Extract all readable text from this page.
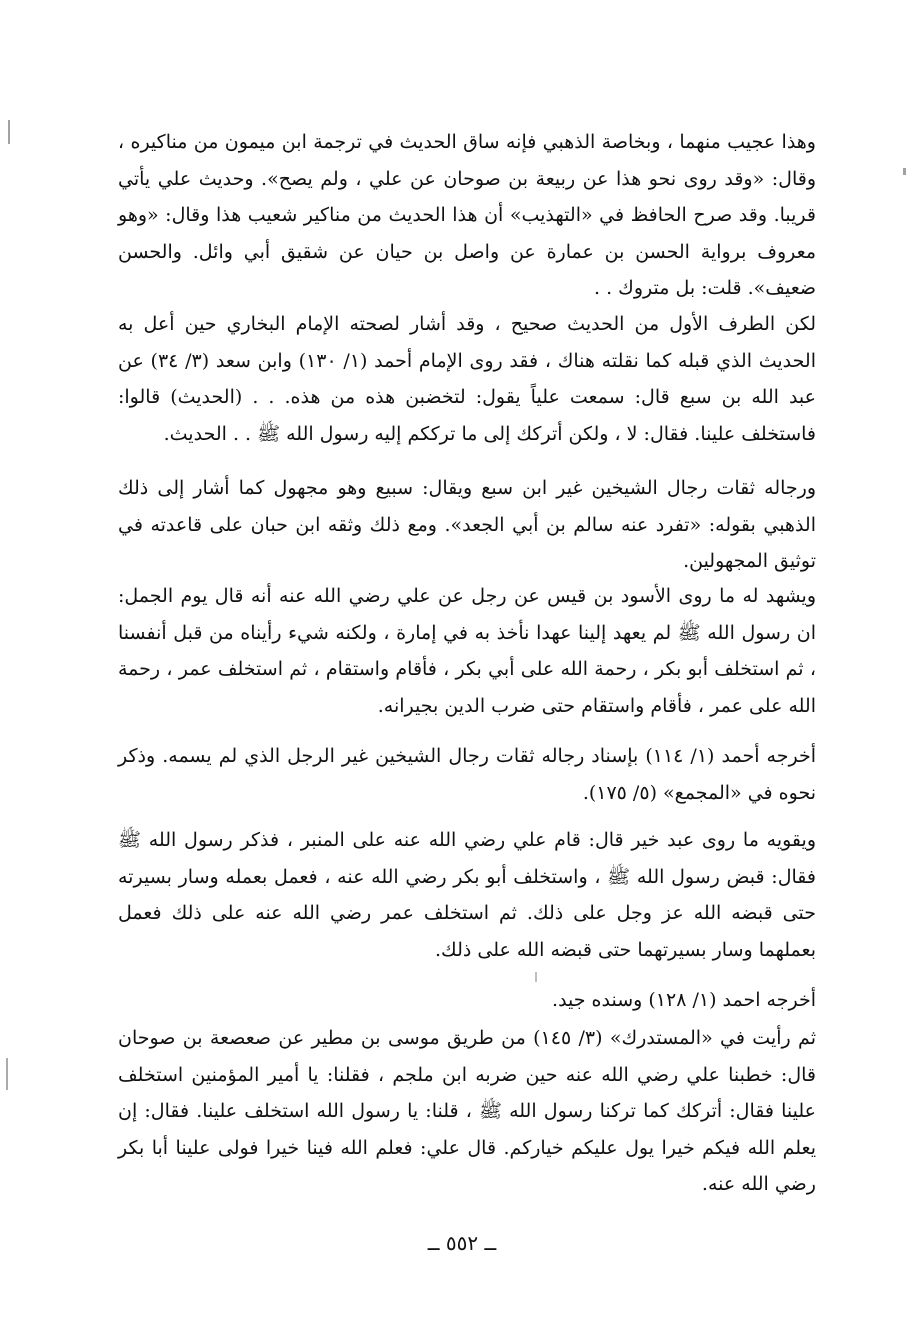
وهذا عجيب منهما ، وبخاصة الذهبي فإنه ساق الحديث في ترجمة ابن ميمون من مناكيره ، وقال: «وقد روى نحو هذا عن ربيعة بن صوحان عن علي ، ولم يصح». وحديث علي يأتي قريبا. وقد صرح الحافظ في «التهذيب» أن هذا الحديث من مناكير شعيب هذا وقال: «وهو معروف برواية الحسن بن عمارة عن واصل بن حيان عن شقيق أبي وائل. والحسن ضعيف». قلت: بل متروك . .

لكن الطرف الأول من الحديث صحيح ، وقد أشار لصحته الإمام البخاري حين أعل به الحديث الذي قبله كما نقلته هناك ، فقد روى الإمام أحمد (١/ ١٣٠) وابن سعد (٣/ ٣٤) عن عبد الله بن سبع قال: سمعت علياً يقول: لتخضبن هذه من هذه. . . (الحديث) قالوا: فاستخلف علينا. فقال: لا ، ولكن أتركك إلى ما ترككم إليه رسول الله ﷺ . . الحديث.

ورجاله ثقات رجال الشيخين غير ابن سبع ويقال: سبيع وهو مجهول كما أشار إلى ذلك الذهبي بقوله: «تفرد عنه سالم بن أبي الجعد». ومع ذلك وثقه ابن حبان على قاعدته في توثيق المجهولين.

ويشهد له ما روى الأسود بن قيس عن رجل عن علي رضي الله عنه أنه قال يوم الجمل: ان رسول الله ﷺ لم يعهد إلينا عهدا نأخذ به في إمارة ، ولكنه شيء رأيناه من قبل أنفسنا ، ثم استخلف أبو بكر ، رحمة الله على أبي بكر ، فأقام واستقام ، ثم استخلف عمر ، رحمة الله على عمر ، فأقام واستقام حتى ضرب الدين بجيرانه.

أخرجه أحمد (١/ ١١٤) بإسناد رجاله ثقات رجال الشيخين غير الرجل الذي لم يسمه. وذكر نحوه في «المجمع» (٥/ ١٧٥).

ويقويه ما روى عبد خير قال: قام علي رضي الله عنه على المنبر ، فذكر رسول الله ﷺ فقال: قبض رسول الله ﷺ ، واستخلف أبو بكر رضي الله عنه ، فعمل بعمله وسار بسيرته حتى قبضه الله عز وجل على ذلك. ثم استخلف عمر رضي الله عنه على ذلك فعمل بعملهما وسار بسيرتهما حتى قبضه الله على ذلك.

أخرجه احمد (١/ ١٢٨) وسنده جيد.

ثم رأيت في «المستدرك» (٣/ ١٤٥) من طريق موسى بن مطير عن صعصعة بن صوحان قال: خطبنا علي رضي الله عنه حين ضربه ابن ملجم ، فقلنا: يا أمير المؤمنين استخلف علينا فقال: أتركك كما تركنا رسول الله ﷺ ، قلنا: يا رسول الله استخلف علينا. فقال: إن يعلم الله فيكم خيرا يول عليكم خياركم. قال علي: فعلم الله فينا خيرا فولى علينا أبا بكر رضي الله عنه.

ــ ٥٥٢ ــ
